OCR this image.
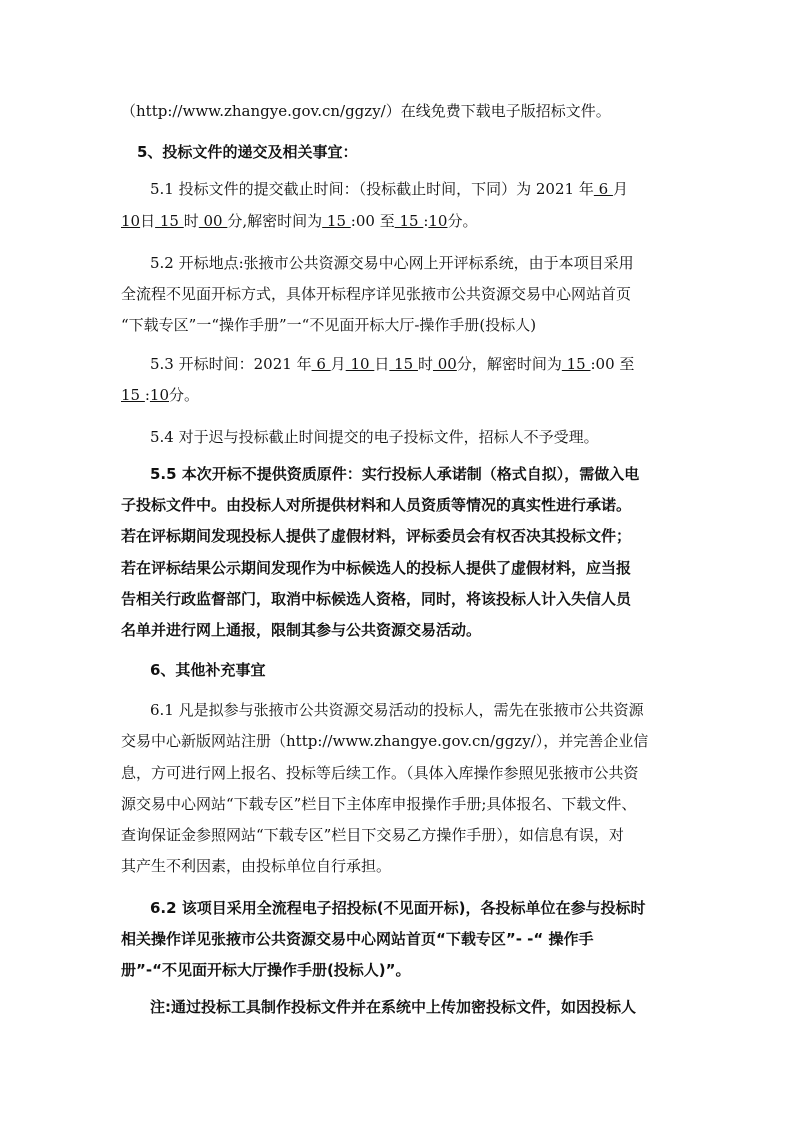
（http://www.zhangye.gov.cn/ggzy/）在线免费下载电子版招标文件。
5、投标文件的递交及相关事宜：
5.1 投标文件的提交截止时间：（投标截止时间，下同）为 2021 年 6 月
10日 15 时 00 分,解密时间为 15 :00 至 15 :10分。
5.2 开标地点:张掖市公共资源交易中心网上开评标系统，由于本项目采用
全流程不见面开标方式，具体开标程序详见张掖市公共资源交易中心网站首页
“下载专区”一“操作手册”一“不见面开标大厅-操作手册(投标人)
5.3 开标时间：2021 年 6 月 10 日 15 时 00分，解密时间为 15 :00 至
15 :10分。
5.4 对于迟与投标截止时间提交的电子投标文件，招标人不予受理。
5.5 本次开标不提供资质原件：实行投标人承诺制（格式自拟），需做入电
子投标文件中。由投标人对所提供材料和人员资质等情况的真实性进行承诺。
若在评标期间发现投标人提供了虚假材料，评标委员会有权否决其投标文件；
若在评标结果公示期间发现作为中标候选人的投标人提供了虚假材料，应当报
告相关行政监督部门，取消中标候选人资格，同时，将该投标人计入失信人员
名单并进行网上通报，限制其参与公共资源交易活动。
6、其他补充事宜
6.1 凡是拟参与张掖市公共资源交易活动的投标人，需先在张掖市公共资源
交易中心新版网站注册（http://www.zhangye.gov.cn/ggzy/），并完善企业信
息，方可进行网上报名、投标等后续工作。（具体入库操作参照见张掖市公共资
源交易中心网站“下载专区”栏目下主体库申报操作手册;具体报名、下载文件、
查询保证金参照网站“下载专区”栏目下交易乙方操作手册），如信息有误，对
其产生不利因素，由投标单位自行承担。
6.2 该项目采用全流程电子招投标(不见面开标)，各投标单位在参与投标时
相关操作详见张掖市公共资源交易中心网站首页“下载专区”- -“ 操作手
册”-“不见面开标大厅操作手册(投标人)”。
注:通过投标工具制作投标文件并在系统中上传加密投标文件，如因投标人
